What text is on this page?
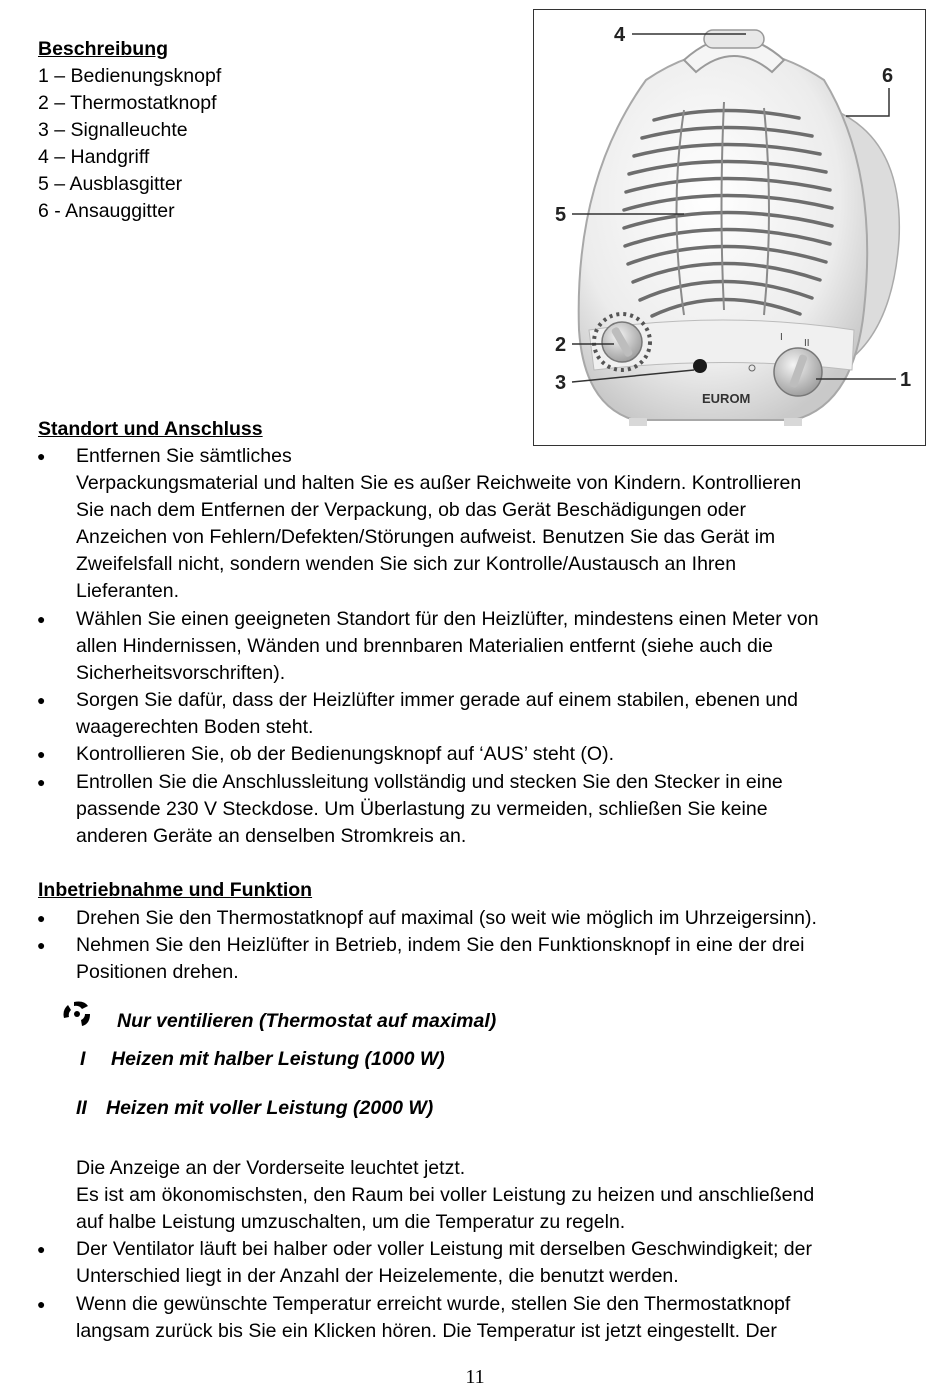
Beschreibung
1 – Bedienungsknopf
2 – Thermostatknopf
3 – Signalleuchte
4 – Handgriff
5 – Ausblasgitter
6 - Ansauggitter
EUROM
I
II
4
6
5
2
3	1
Standort und Anschluss
● Entfernen Sie sämtliches
Verpackungsmaterial und halten Sie es außer Reichweite von Kindern. Kontrollieren
Sie nach dem Entfernen der Verpackung, ob das Gerät Beschädigungen oder
Anzeichen von Fehlern/Defekten/Störungen aufweist. Benutzen Sie das Gerät im
Zweifelsfall nicht, sondern wenden Sie sich zur Kontrolle/Austausch an Ihren
Lieferanten.
● Wählen Sie einen geeigneten Standort für den Heizlüfter, mindestens einen Meter von
allen Hindernissen, Wänden und brennbaren Materialien entfernt (siehe auch die
Sicherheitsvorschriften).
● Sorgen Sie dafür, dass der Heizlüfter immer gerade auf einem stabilen, ebenen und
waagerechten Boden steht.
● Kontrollieren Sie, ob der Bedienungsknopf auf ‘AUS’ steht (O).
● Entrollen Sie die Anschlussleitung vollständig und stecken Sie den Stecker in eine
passende 230 V Steckdose. Um Überlastung zu vermeiden, schließen Sie keine
anderen Geräte an denselben Stromkreis an.
Inbetriebnahme und Funktion
● Drehen Sie den Thermostatknopf auf maximal (so weit wie möglich im Uhrzeigersinn).
● Nehmen Sie den Heizlüfter in Betrieb, indem Sie den Funktionsknopf in eine der drei
Positionen drehen.
Nur ventilieren (Thermostat auf maximal)
I Heizen mit halber Leistung (1000 W)
II Heizen mit voller Leistung (2000 W)
Die Anzeige an der Vorderseite leuchtet jetzt.
Es ist am ökonomischsten, den Raum bei voller Leistung zu heizen und anschließend
auf halbe Leistung umzuschalten, um die Temperatur zu regeln.
● Der Ventilator läuft bei halber oder voller Leistung mit derselben Geschwindigkeit; der
Unterschied liegt in der Anzahl der Heizelemente, die benutzt werden.
● Wenn die gewünschte Temperatur erreicht wurde, stellen Sie den Thermostatknopf
langsam zurück bis Sie ein Klicken hören. Die Temperatur ist jetzt eingestellt. Der
11
